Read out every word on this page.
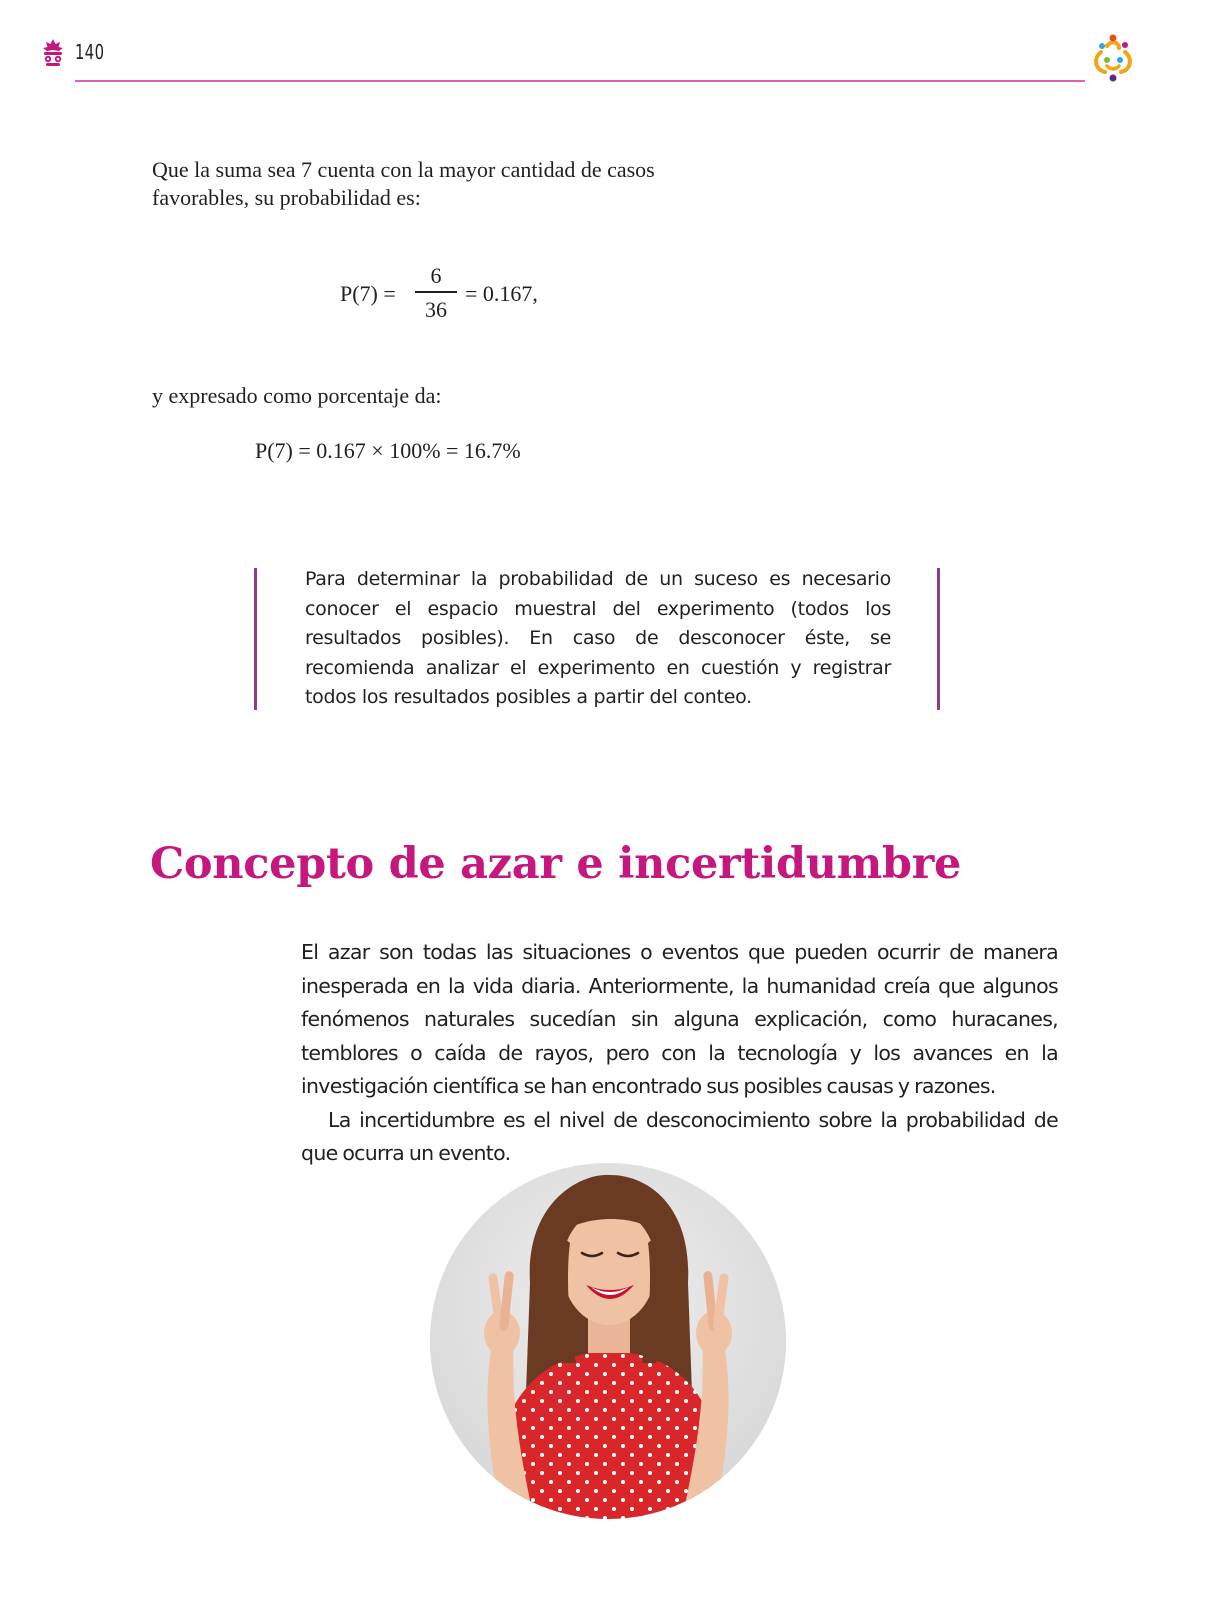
140

Que la suma sea 7 cuenta con la mayor cantidad de casos favorables, su probabilidad es:

P(7) =
6
36
= 0.167,

y expresado como porcentaje da:

P(7) = 0.167 × 100% = 16.7%

Para determinar la probabilidad de un suceso es necesario conocer el espacio muestral del experimento (todos los resultados posibles). En caso de desconocer éste, se recomienda analizar el experimento en cuestión y registrar todos los resultados posibles a partir del conteo.

Concepto de azar e incertidumbre

El azar son todas las situaciones o eventos que pueden ocurrir de manera inesperada en la vida diaria. Anteriormente, la humanidad creía que algunos fenómenos naturales sucedían sin alguna explicación, como huracanes, temblores o caída de rayos, pero con la tecnología y los avances en la investigación científica se han encontrado sus posibles causas y razones.

La incertidumbre es el nivel de desconocimiento sobre la probabilidad de que ocurra un evento.
